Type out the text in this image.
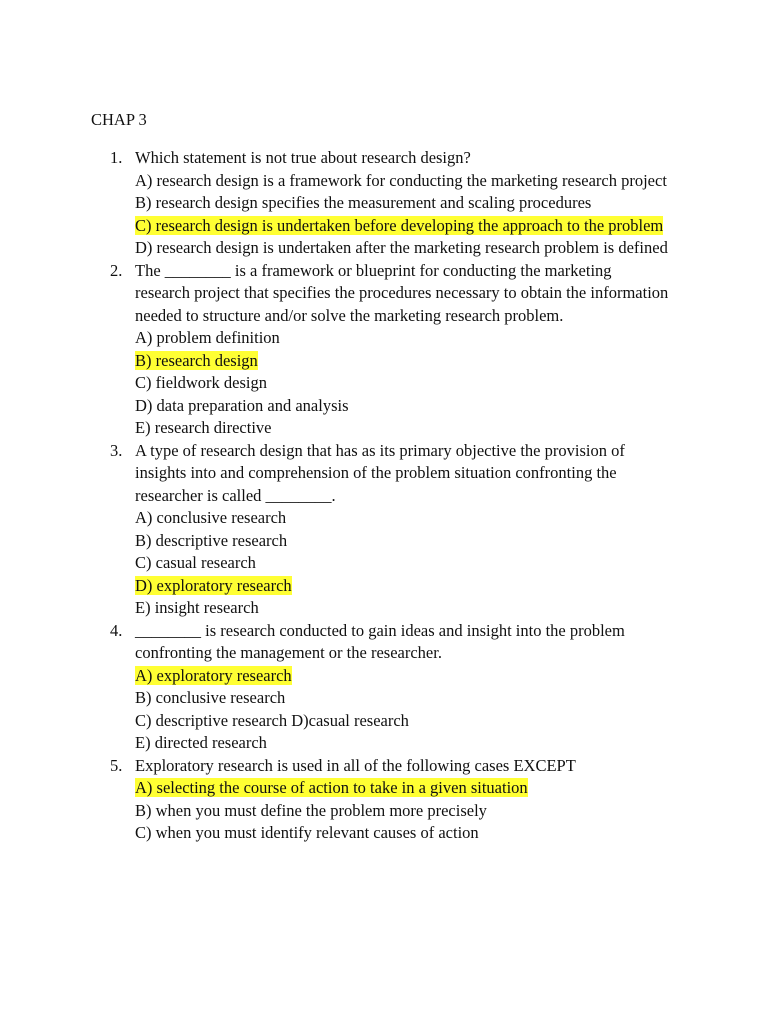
CHAP 3
1. Which statement is not true about research design?
A) research design is a framework for conducting the marketing research project
B) research design specifies the measurement and scaling procedures
C) research design is undertaken before developing the approach to the problem
D) research design is undertaken after the marketing research problem is defined
2. The ________ is a framework or blueprint for conducting the marketing research project that specifies the procedures necessary to obtain the information needed to structure and/or solve the marketing research problem.
A) problem definition
B) research design
C) fieldwork design
D) data preparation and analysis
E) research directive
3. A type of research design that has as its primary objective the provision of insights into and comprehension of the problem situation confronting the researcher is called ________.
A) conclusive research
B) descriptive research
C) casual research
D) exploratory research
E) insight research
4. ________ is research conducted to gain ideas and insight into the problem confronting the management or the researcher.
A) exploratory research
B) conclusive research
C) descriptive research D)casual research
E) directed research
5. Exploratory research is used in all of the following cases EXCEPT
A) selecting the course of action to take in a given situation
B) when you must define the problem more precisely
C) when you must identify relevant causes of action
